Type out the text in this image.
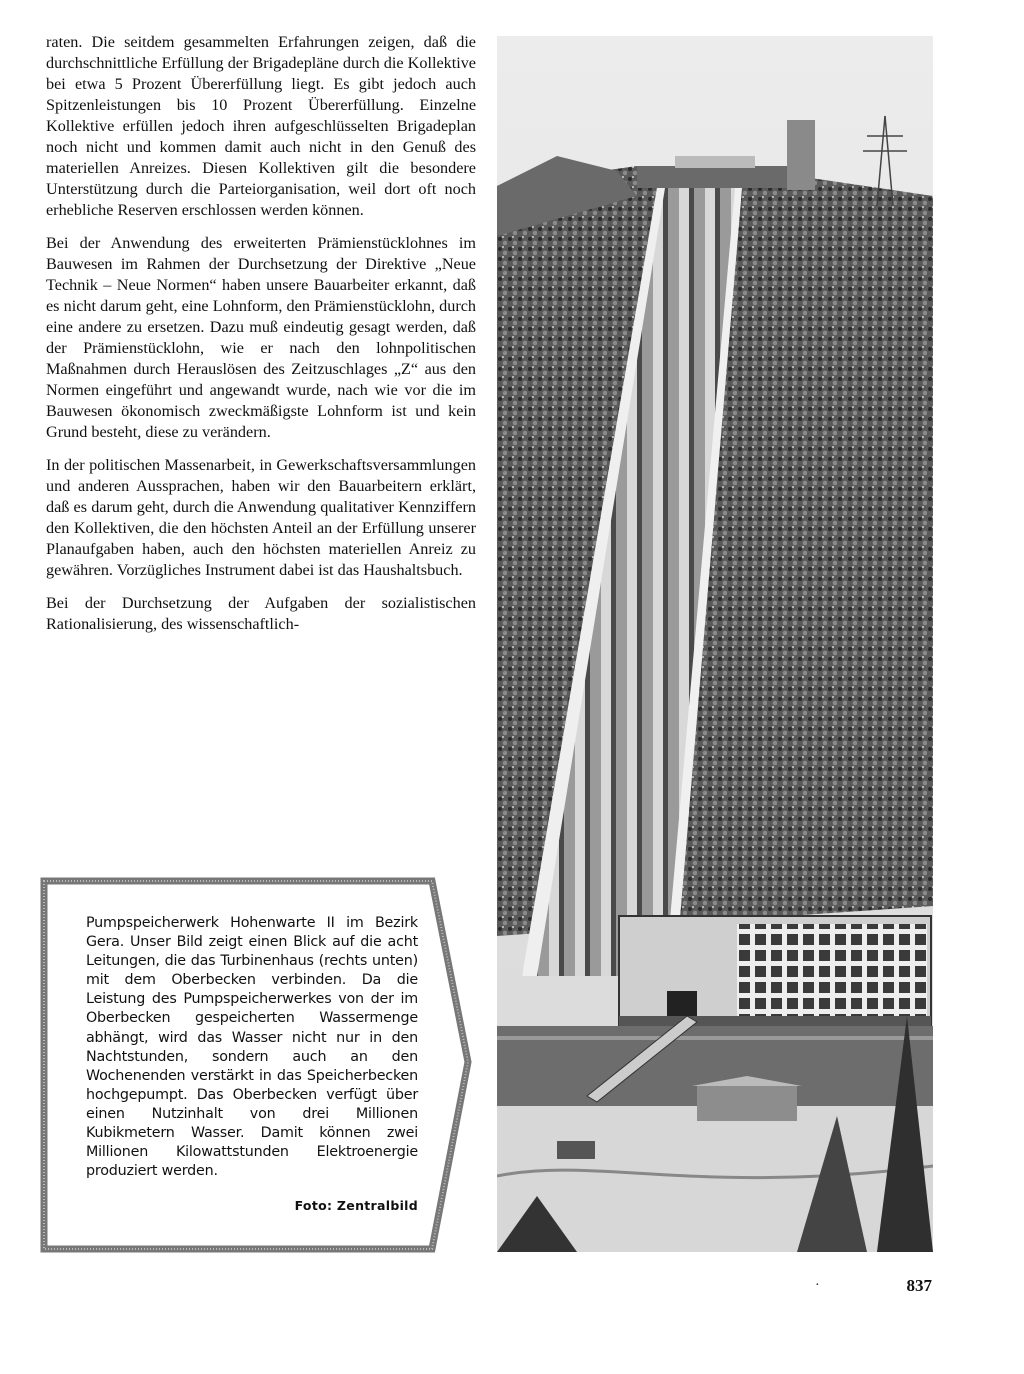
raten. Die seitdem gesammelten Erfahrungen zeigen, daß die durchschnittliche Erfüllung der Brigadepläne durch die Kollektive bei etwa 5 Prozent Übererfüllung liegt. Es gibt jedoch auch Spitzenleistungen bis 10 Prozent Übererfüllung. Einzelne Kollektive erfüllen jedoch ihren aufgeschlüsselten Brigadeplan noch nicht und kommen damit auch nicht in den Genuß des materiellen Anreizes. Diesen Kollektiven gilt die besondere Unterstützung durch die Parteiorganisation, weil dort oft noch erhebliche Reserven erschlossen werden können.

Bei der Anwendung des erweiterten Prämienstücklohnes im Bauwesen im Rahmen der Durchsetzung der Direktive „Neue Technik – Neue Normen“ haben unsere Bauarbeiter erkannt, daß es nicht darum geht, eine Lohnform, den Prämienstücklohn, durch eine andere zu ersetzen. Dazu muß eindeutig gesagt werden, daß der Prämienstücklohn, wie er nach den lohnpolitischen Maßnahmen durch Herauslösen des Zeitzuschlages „Z“ aus den Normen eingeführt und angewandt wurde, nach wie vor die im Bauwesen ökonomisch zweckmäßigste Lohnform ist und kein Grund besteht, diese zu verändern.

In der politischen Massenarbeit, in Gewerkschaftsversammlungen und anderen Aussprachen, haben wir den Bauarbeitern erklärt, daß es darum geht, durch die Anwendung qualitativer Kennziffern den Kollektiven, die den höchsten Anteil an der Erfüllung unserer Planaufgaben haben, auch den höchsten materiellen Anreiz zu gewähren. Vorzügliches Instrument dabei ist das Haushaltsbuch.

Bei der Durchsetzung der Aufgaben der sozialistischen Rationalisierung, des wissenschaftlich-

Pumpspeicherwerk Hohenwarte II im Bezirk Gera. Unser Bild zeigt einen Blick auf die acht Leitungen, die das Turbinenhaus (rechts unten) mit dem Oberbecken verbinden. Da die Leistung des Pumpspeicherwerkes von der im Oberbecken gespeicherten Wassermenge abhängt, wird das Wasser nicht nur in den Nachtstunden, sondern auch an den Wochenenden verstärkt in das Speicherbecken hochgepumpt. Das Oberbecken verfügt über einen Nutzinhalt von drei Millionen Kubikmetern Wasser. Damit können zwei Millionen Kilowattstunden Elektroenergie produziert werden.
Foto: Zentralbild
·	837
